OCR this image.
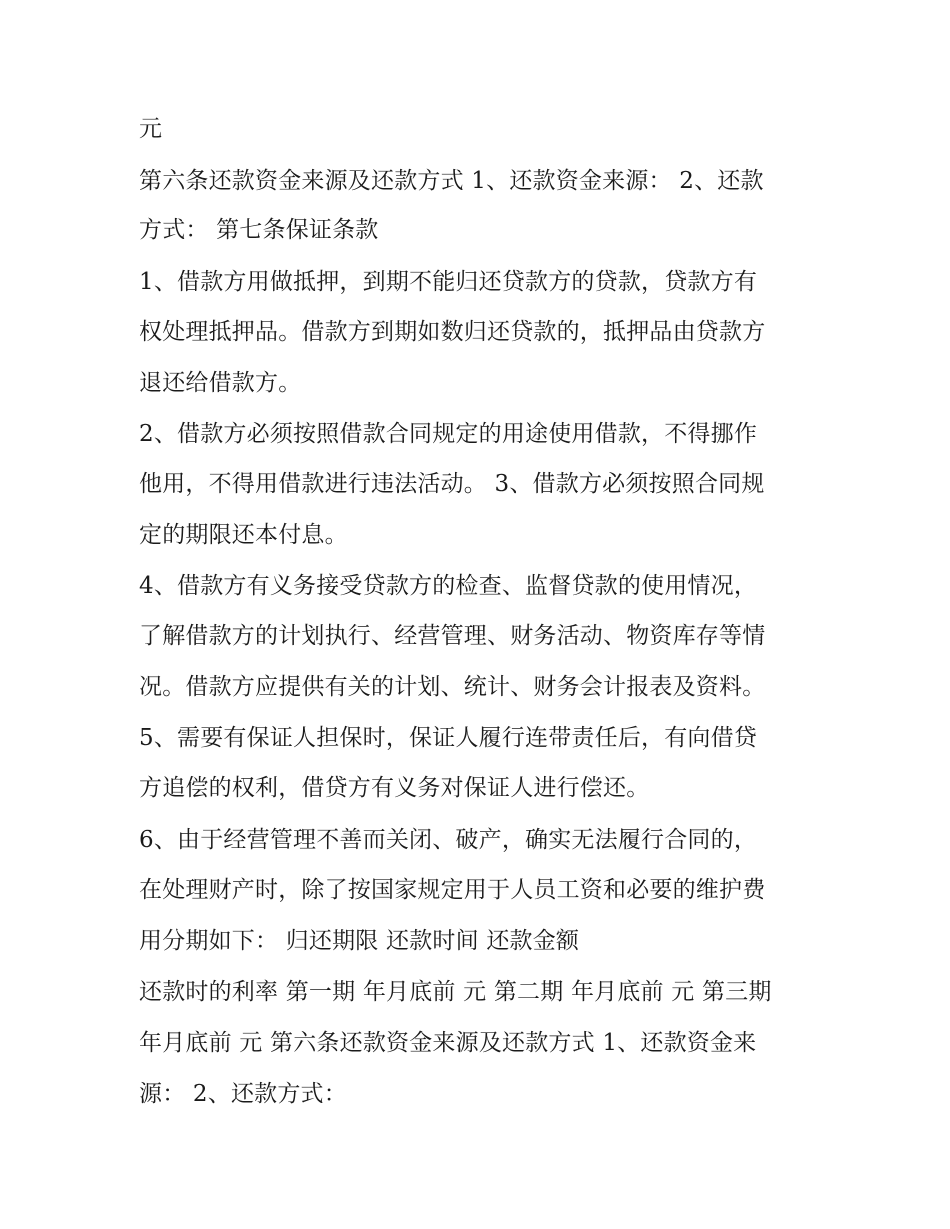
元
第六条还款资金来源及还款方式 1、还款资金来源： 2、还款
方式： 第七条保证条款
1、借款方用做抵押，到期不能归还贷款方的贷款，贷款方有
权处理抵押品。借款方到期如数归还贷款的，抵押品由贷款方
退还给借款方。
2、借款方必须按照借款合同规定的用途使用借款，不得挪作
他用，不得用借款进行违法活动。 3、借款方必须按照合同规
定的期限还本付息。
4、借款方有义务接受贷款方的检查、监督贷款的使用情况，
了解借款方的计划执行、经营管理、财务活动、物资库存等情
况。借款方应提供有关的计划、统计、财务会计报表及资料。
5、需要有保证人担保时，保证人履行连带责任后，有向借贷
方追偿的权利，借贷方有义务对保证人进行偿还。
6、由于经营管理不善而关闭、破产，确实无法履行合同的，
在处理财产时，除了按国家规定用于人员工资和必要的维护费
用分期如下： 归还期限 还款时间 还款金额
还款时的利率 第一期 年月底前 元 第二期 年月底前 元 第三期
年月底前 元 第六条还款资金来源及还款方式 1、还款资金来
源： 2、还款方式：
